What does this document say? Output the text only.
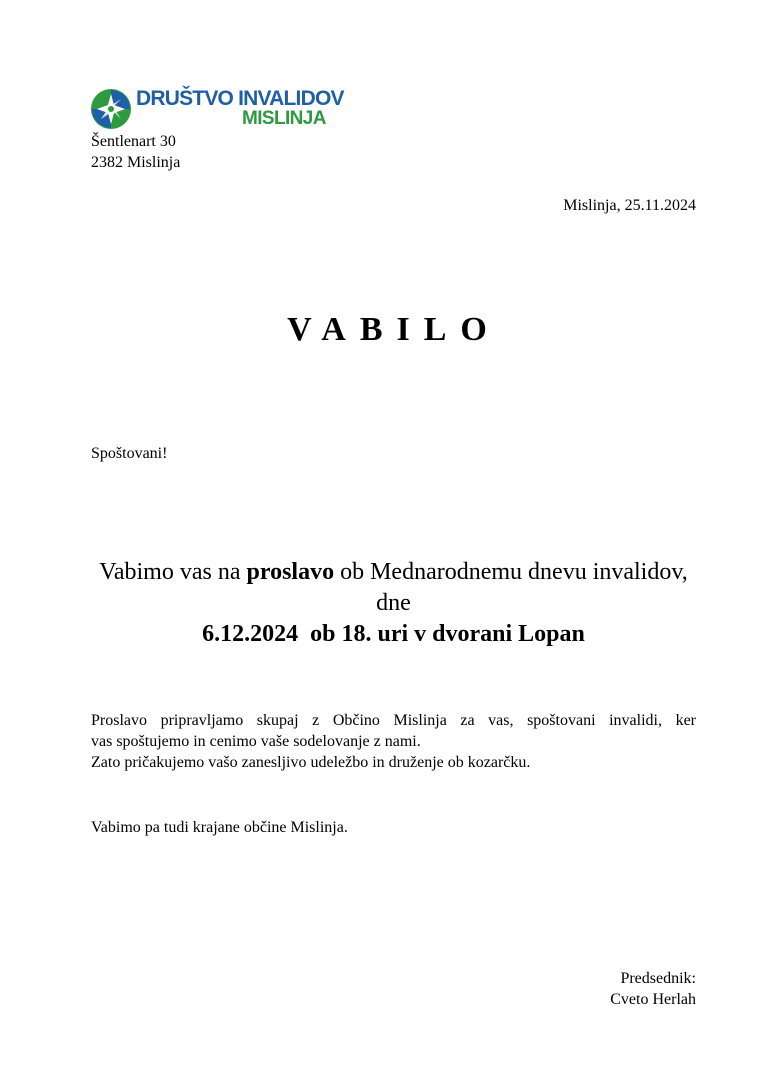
DRUŠTVO INVALIDOV
MISLINJA
Šentlenart 30
2382 Mislinja
Mislinja, 25.11.2024
VABILO
Spoštovani!
Vabimo vas na proslavo ob Mednarodnemu dnevu invalidov, dne
6.12.2024  ob 18. uri v dvorani Lopan
Proslavo pripravljamo skupaj z Občino Mislinja za vas, spoštovani invalidi, ker
vas spoštujemo in cenimo vaše sodelovanje z nami.
Zato pričakujemo vašo zanesljivo udeležbo in druženje ob kozarčku.
Vabimo pa tudi krajane občine Mislinja.
Predsednik:
Cveto Herlah
